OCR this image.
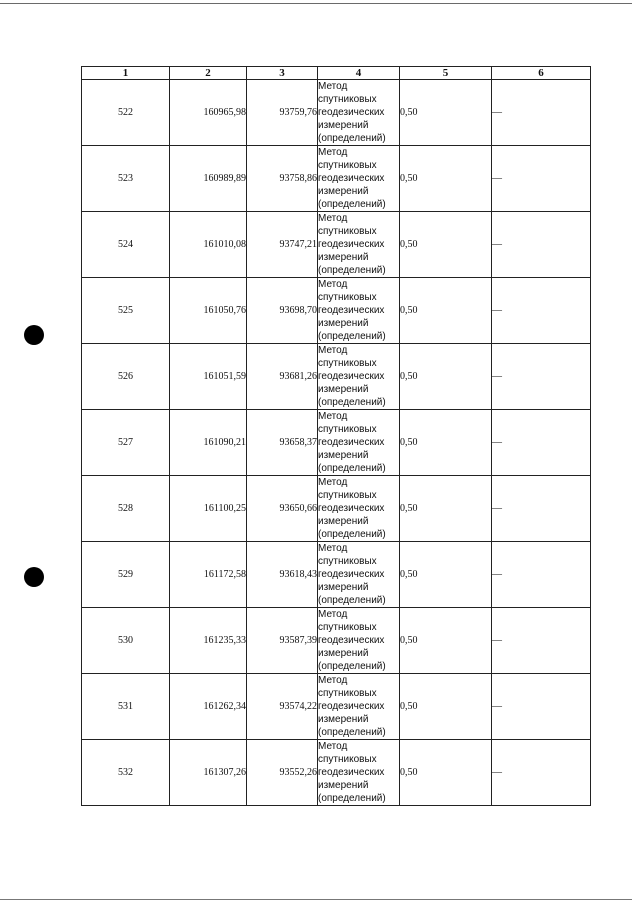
1	2	3	4	5	6
522	160965,98	93759,76	Метод
спутниковых
геодезических
измерений
(определений)	0,50	—
523	160989,89	93758,86	Метод
спутниковых
геодезических
измерений
(определений)	0,50	—
524	161010,08	93747,21	Метод
спутниковых
геодезических
измерений
(определений)	0,50	—
525	161050,76	93698,70	Метод
спутниковых
геодезических
измерений
(определений)	0,50	—
526	161051,59	93681,26	Метод
спутниковых
геодезических
измерений
(определений)	0,50	—
527	161090,21	93658,37	Метод
спутниковых
геодезических
измерений
(определений)	0,50	—
528	161100,25	93650,66	Метод
спутниковых
геодезических
измерений
(определений)	0,50	—
529	161172,58	93618,43	Метод
спутниковых
геодезических
измерений
(определений)	0,50	—
530	161235,33	93587,39	Метод
спутниковых
геодезических
измерений
(определений)	0,50	—
531	161262,34	93574,22	Метод
спутниковых
геодезических
измерений
(определений)	0,50	—
532	161307,26	93552,26	Метод
спутниковых
геодезических
измерений
(определений)	0,50	—
